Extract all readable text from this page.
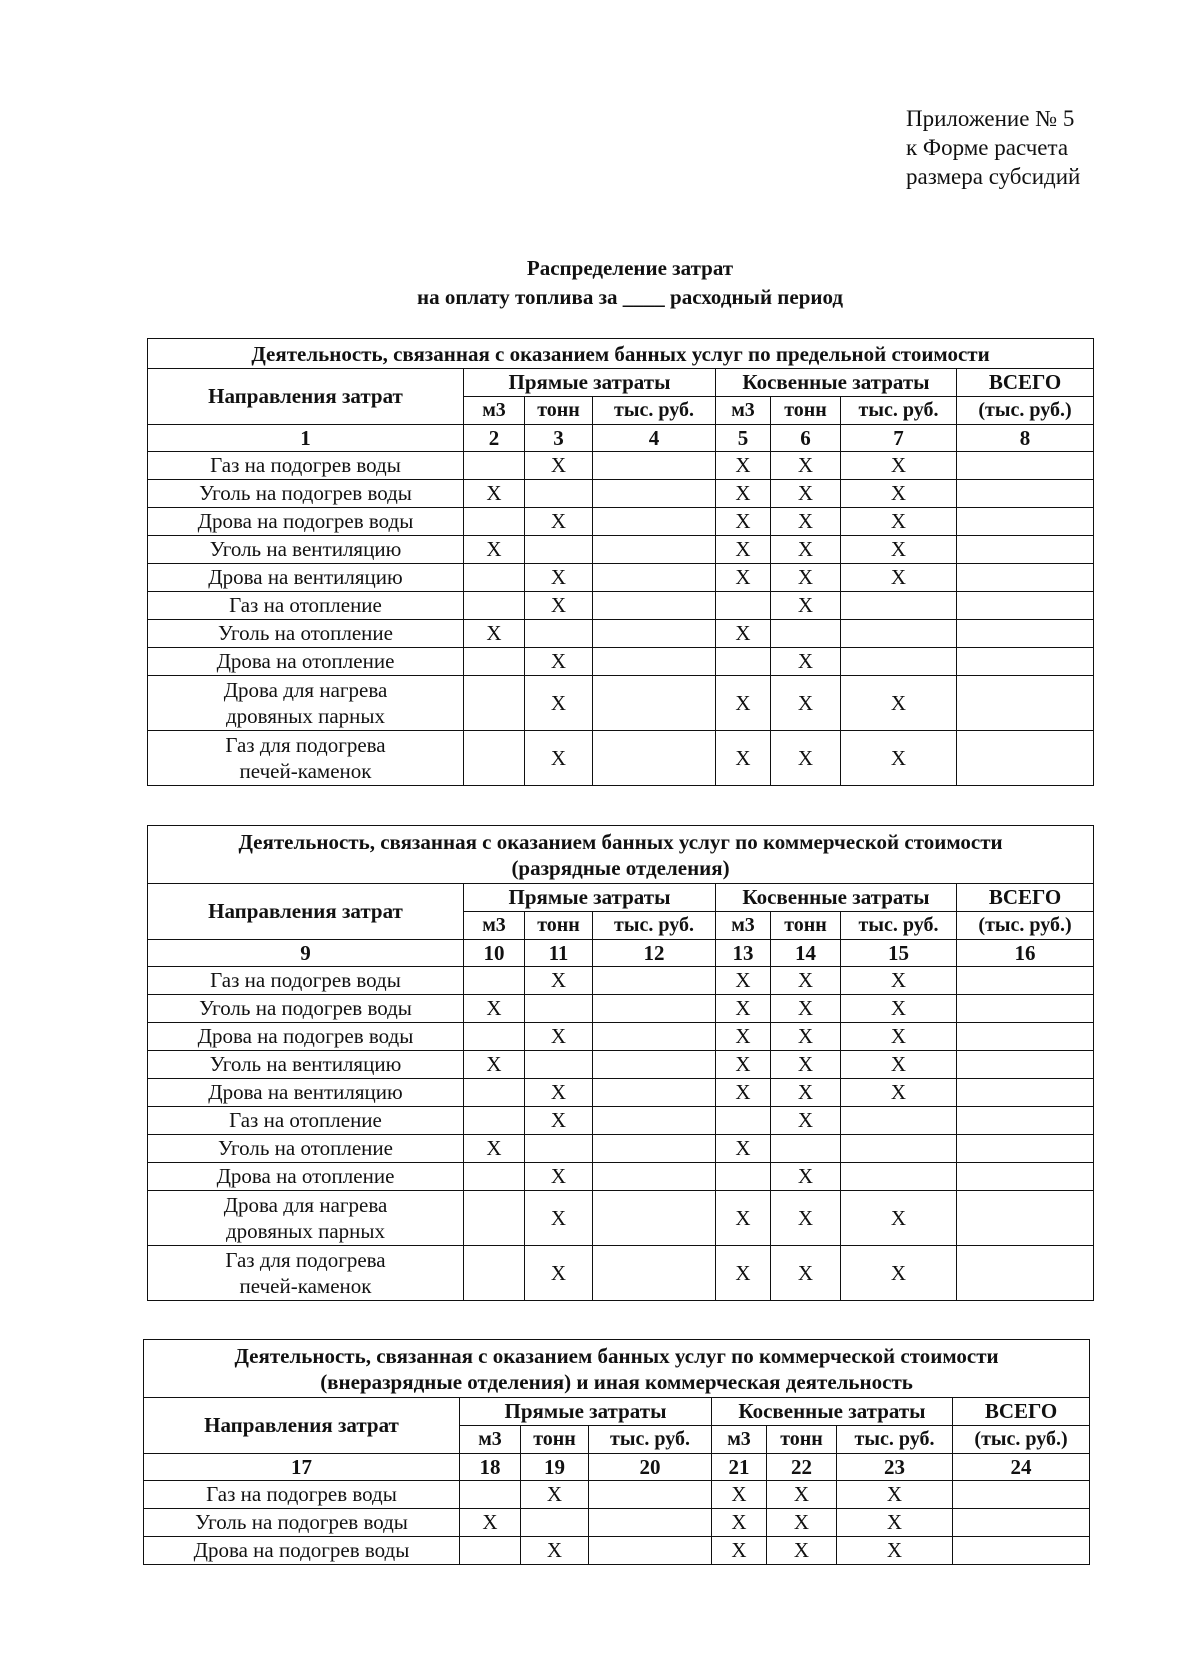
Приложение № 5
к Форме расчета
размера субсидий
Распределение затрат
на оплату топлива за ____ расходный период
Деятельность, связанная с оказанием банных услуг по предельной стоимости							
Направления затрат	Прямые затраты			Косвенные затраты			ВСЕГО
	м3	тонн	тыс. руб.	м3	тонн	тыс. руб.	(тыс. руб.)
1	2	3	4	5	6	7	8
Газ на подогрев воды		Х		Х	Х	Х	
Уголь на подогрев воды	Х			Х	Х	Х	
Дрова на подогрев воды		Х		Х	Х	Х	
Уголь на вентиляцию	Х			Х	Х	Х	
Дрова на вентиляцию		Х		Х	Х	Х	
Газ на отопление		Х			Х		
Уголь на отопление	Х			Х			
Дрова на отопление		Х			Х		

Дрова для нагрева
дровяных парных		Х		Х	Х	Х	

Газ для подогрева
печей-каменок		Х		Х	Х	Х	
Деятельность, связанная с оказанием банных услуг по коммерческой стоимости
(разрядные отделения)							

Направления затрат	Прямые затраты			Косвенные затраты			ВСЕГО
	м3	тонн	тыс. руб.	м3	тонн	тыс. руб.	(тыс. руб.)
9	10	11	12	13	14	15	16
Газ на подогрев воды		Х		Х	Х	Х	
Уголь на подогрев воды	Х			Х	Х	Х	
Дрова на подогрев воды		Х		Х	Х	Х	
Уголь на вентиляцию	Х			Х	Х	Х	
Дрова на вентиляцию		Х		Х	Х	Х	
Газ на отопление		Х			Х		
Уголь на отопление	Х			Х			
Дрова на отопление		Х			Х		

Дрова для нагрева
дровяных парных		Х		Х	Х	Х	

Газ для подогрева
печей-каменок		Х		Х	Х	Х	
Деятельность, связанная с оказанием банных услуг по коммерческой стоимости
(внеразрядные отделения) и иная коммерческая деятельность							

Направления затрат	Прямые затраты			Косвенные затраты			ВСЕГО
	м3	тонн	тыс. руб.	м3	тонн	тыс. руб.	(тыс. руб.)
17	18	19	20	21	22	23	24
Газ на подогрев воды		Х		Х	Х	Х	
Уголь на подогрев воды	Х			Х	Х	Х	
Дрова на подогрев воды		Х		Х	Х	Х	
